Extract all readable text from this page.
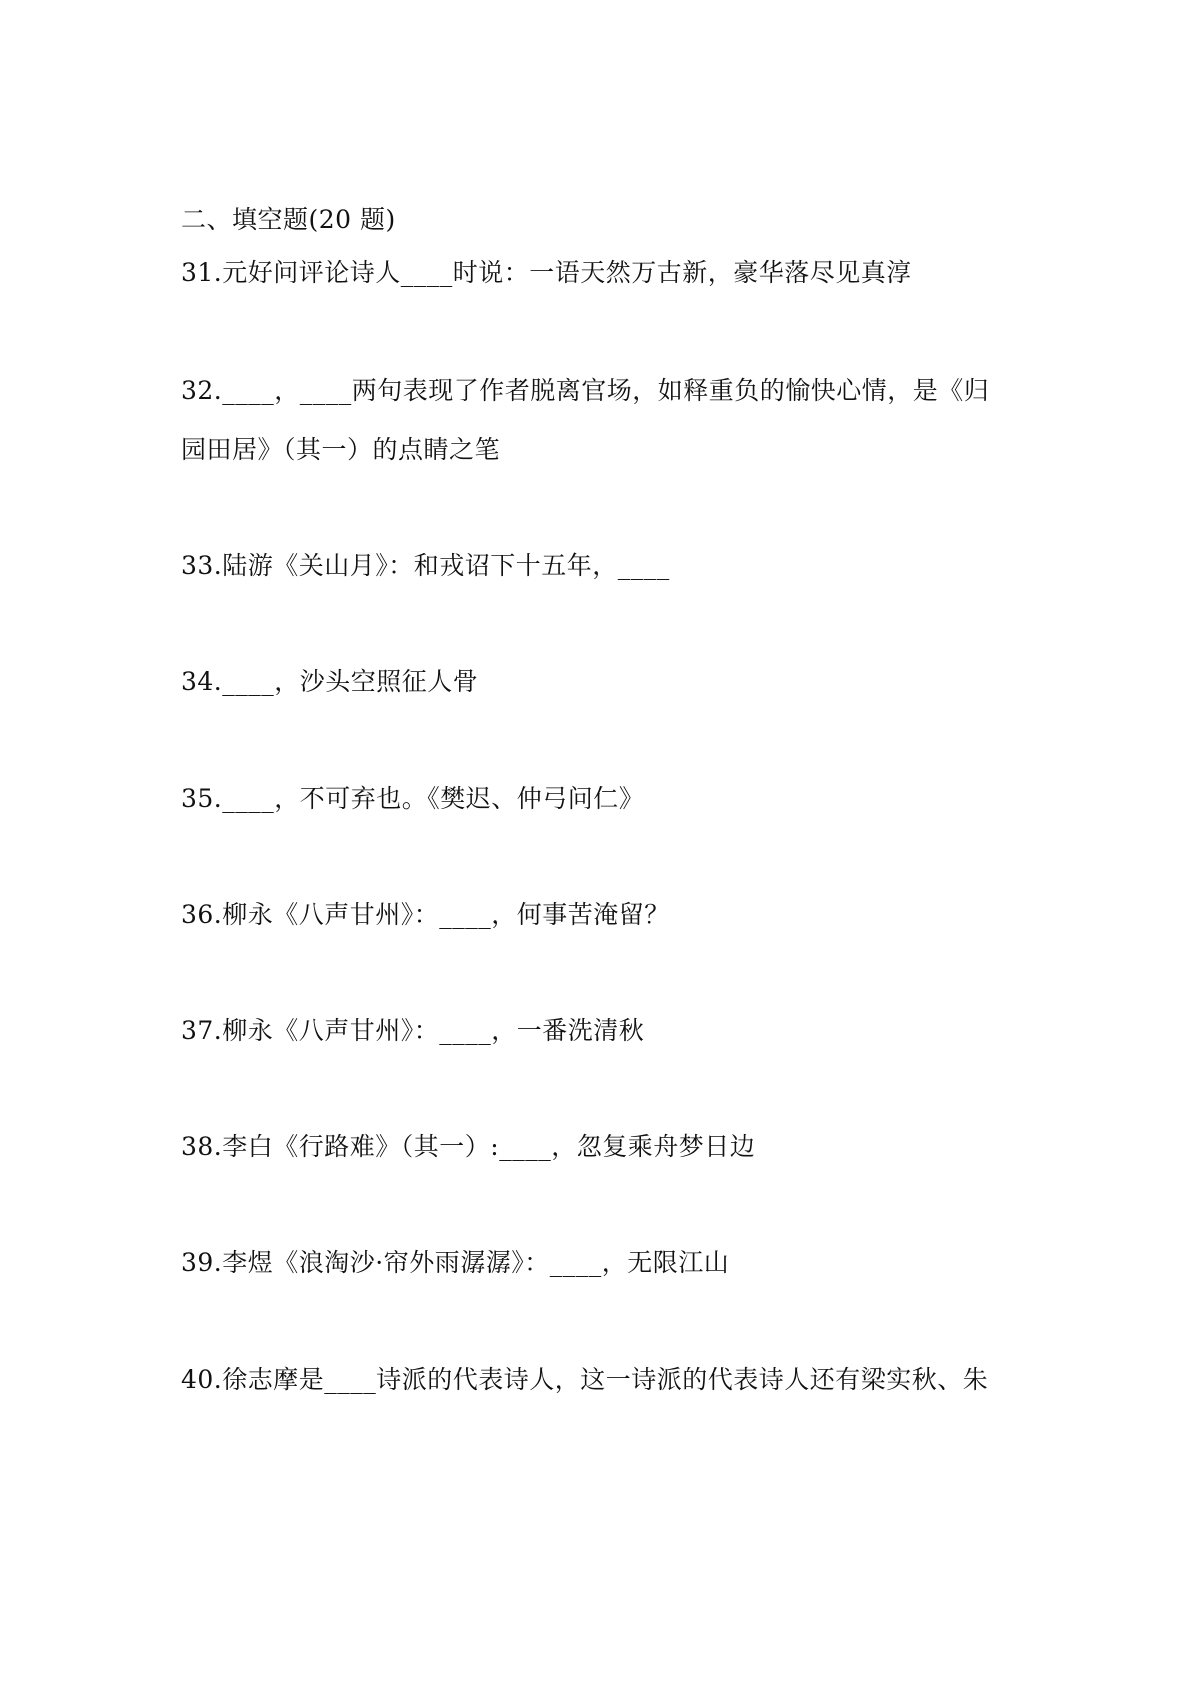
二、填空题(20 题)
31.元好问评论诗人____时说：一语天然万古新，豪华落尽见真淳
32.____，____两句表现了作者脱离官场，如释重负的愉快心情，是《归
园田居》（其一）的点睛之笔
33.陆游《关山月》：和戎诏下十五年，____
34.____，沙头空照征人骨
35.____，不可弃也。《樊迟、仲弓问仁》
36.柳永《八声甘州》：____，何事苦淹留？
37.柳永《八声甘州》：____，一番洗清秋
38.李白《行路难》（其一）:____，忽复乘舟梦日边
39.李煜《浪淘沙·帘外雨潺潺》：____，无限江山
40.徐志摩是____诗派的代表诗人，这一诗派的代表诗人还有梁实秋、朱
